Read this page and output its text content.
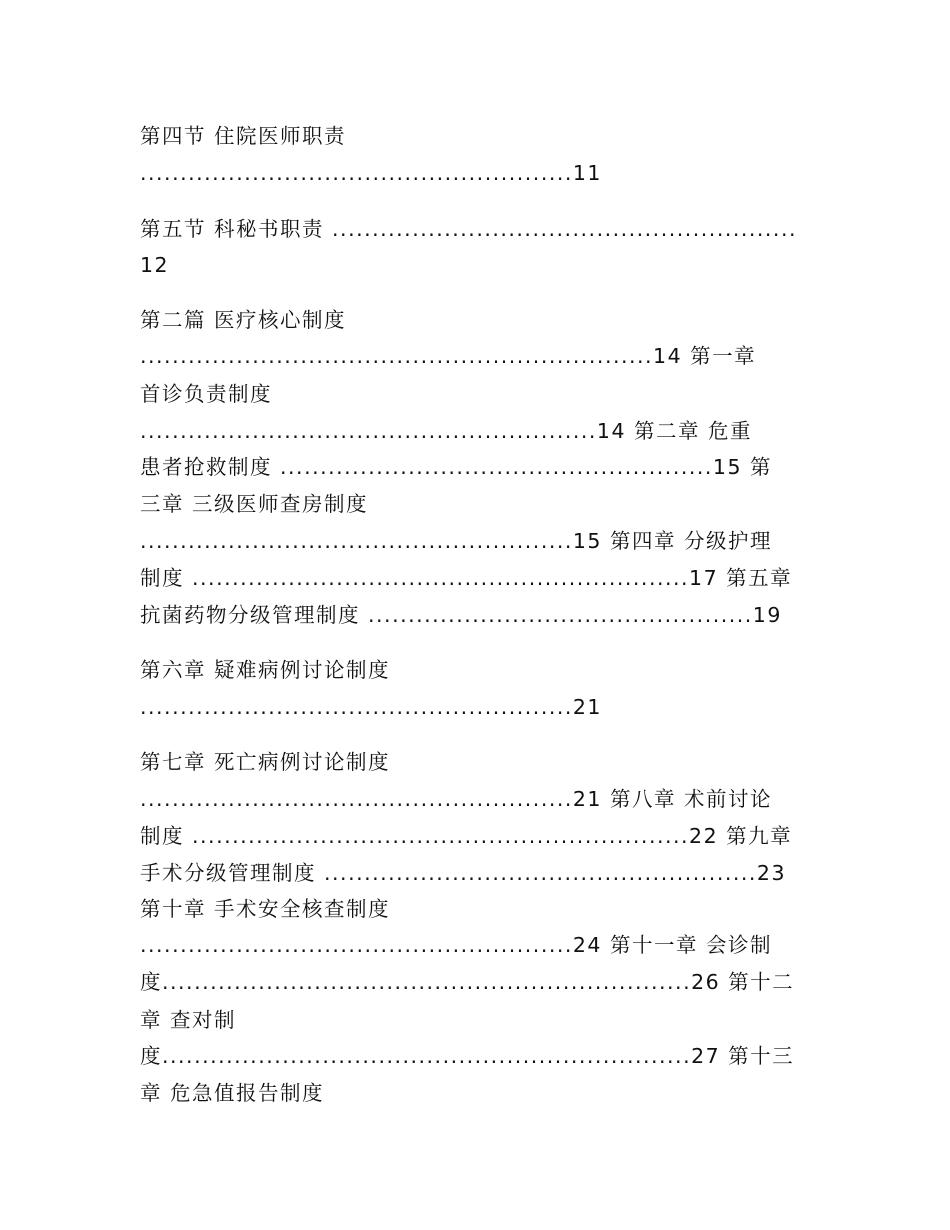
第四节 住院医师职责
......................................................11
第五节 科秘书职责 ..........................................................
12
第二篇 医疗核心制度
................................................................14 第一章
首诊负责制度
.........................................................14 第二章 危重
患者抢救制度 ......................................................15 第
三章 三级医师查房制度
......................................................15 第四章 分级护理
制度 ..............................................................17 第五章
抗菌药物分级管理制度 ................................................19
第六章 疑难病例讨论制度
......................................................21
第七章 死亡病例讨论制度
......................................................21 第八章 术前讨论
制度 ..............................................................22 第九章
手术分级管理制度 ......................................................23
第十章 手术安全核查制度
......................................................24 第十一章 会诊制
度..................................................................26 第十二
章 查对制
度..................................................................27 第十三
章 危急值报告制度
